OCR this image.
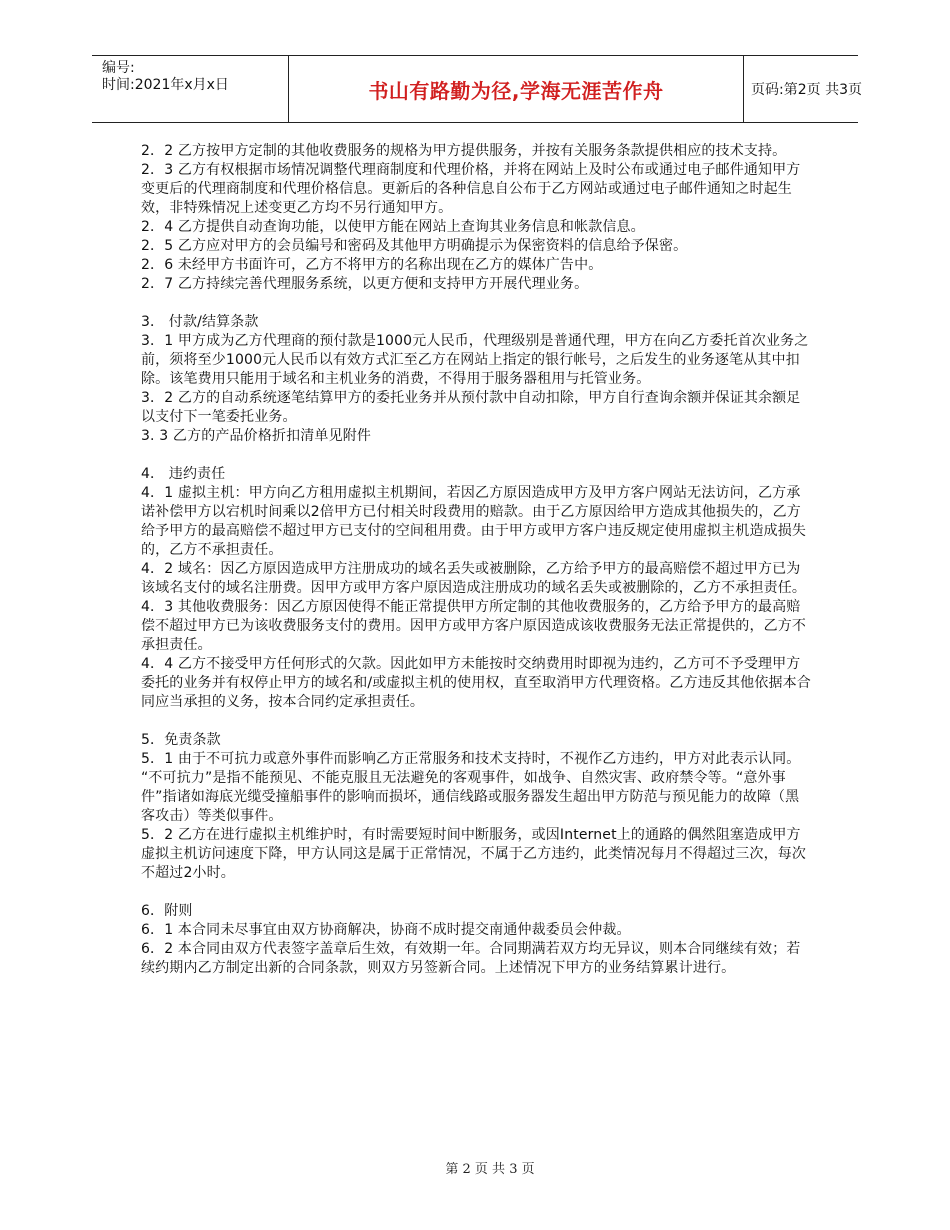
编号:
时间:2021年x月x日	书山有路勤为径,学海无涯苦作舟	页码:第2页 共3页

2．2 乙方按甲方定制的其他收费服务的规格为甲方提供服务，并按有关服务条款提供相应的技术支持。

2．3 乙方有权根据市场情况调整代理商制度和代理价格，并将在网站上及时公布或通过电子邮件通知甲方变更后的代理商制度和代理价格信息。更新后的各种信息自公布于乙方网站或通过电子邮件通知之时起生效，非特殊情况上述变更乙方均不另行通知甲方。

2．4 乙方提供自动查询功能，以使甲方能在网站上查询其业务信息和帐款信息。

2．5 乙方应对甲方的会员编号和密码及其他甲方明确提示为保密资料的信息给予保密。

2．6 未经甲方书面许可，乙方不将甲方的名称出现在乙方的媒体广告中。

2．7 乙方持续完善代理服务系统，以更方便和支持甲方开展代理业务。

3． 付款/结算条款

3．1 甲方成为乙方代理商的预付款是1000元人民币，代理级别是普通代理，甲方在向乙方委托首次业务之前，须将至少1000元人民币以有效方式汇至乙方在网站上指定的银行帐号，之后发生的业务逐笔从其中扣除。该笔费用只能用于域名和主机业务的消费，不得用于服务器租用与托管业务。

3．2 乙方的自动系统逐笔结算甲方的委托业务并从预付款中自动扣除，甲方自行查询余额并保证其余额足以支付下一笔委托业务。

3. 3 乙方的产品价格折扣清单见附件

4． 违约责任

4．1 虚拟主机：甲方向乙方租用虚拟主机期间，若因乙方原因造成甲方及甲方客户网站无法访问，乙方承诺补偿甲方以宕机时间乘以2倍甲方已付相关时段费用的赔款。由于乙方原因给甲方造成其他损失的，乙方给予甲方的最高赔偿不超过甲方已支付的空间租用费。由于甲方或甲方客户违反规定使用虚拟主机造成损失的，乙方不承担责任。

4．2 域名：因乙方原因造成甲方注册成功的域名丢失或被删除，乙方给予甲方的最高赔偿不超过甲方已为该域名支付的域名注册费。因甲方或甲方客户原因造成注册成功的域名丢失或被删除的，乙方不承担责任。

4．3 其他收费服务：因乙方原因使得不能正常提供甲方所定制的其他收费服务的，乙方给予甲方的最高赔偿不超过甲方已为该收费服务支付的费用。因甲方或甲方客户原因造成该收费服务无法正常提供的，乙方不承担责任。

4．4 乙方不接受甲方任何形式的欠款。因此如甲方未能按时交纳费用时即视为违约，乙方可不予受理甲方委托的业务并有权停止甲方的域名和/或虚拟主机的使用权，直至取消甲方代理资格。乙方违反其他依据本合同应当承担的义务，按本合同约定承担责任。

5．免责条款

5．1 由于不可抗力或意外事件而影响乙方正常服务和技术支持时，不视作乙方违约，甲方对此表示认同。

“不可抗力”是指不能预见、不能克服且无法避免的客观事件，如战争、自然灾害、政府禁令等。“意外事件”指诸如海底光缆受撞船事件的影响而损坏，通信线路或服务器发生超出甲方防范与预见能力的故障（黑客攻击）等类似事件。

5．2 乙方在进行虚拟主机维护时，有时需要短时间中断服务，或因Internet上的通路的偶然阻塞造成甲方虚拟主机访问速度下降，甲方认同这是属于正常情况，不属于乙方违约，此类情况每月不得超过三次，每次不超过2小时。

6．附则

6．1 本合同未尽事宜由双方协商解决，协商不成时提交南通仲裁委员会仲裁。

6．2 本合同由双方代表签字盖章后生效，有效期一年。合同期满若双方均无异议，则本合同继续有效；若续约期内乙方制定出新的合同条款，则双方另签新合同。上述情况下甲方的业务结算累计进行。

第 2 页 共 3 页
